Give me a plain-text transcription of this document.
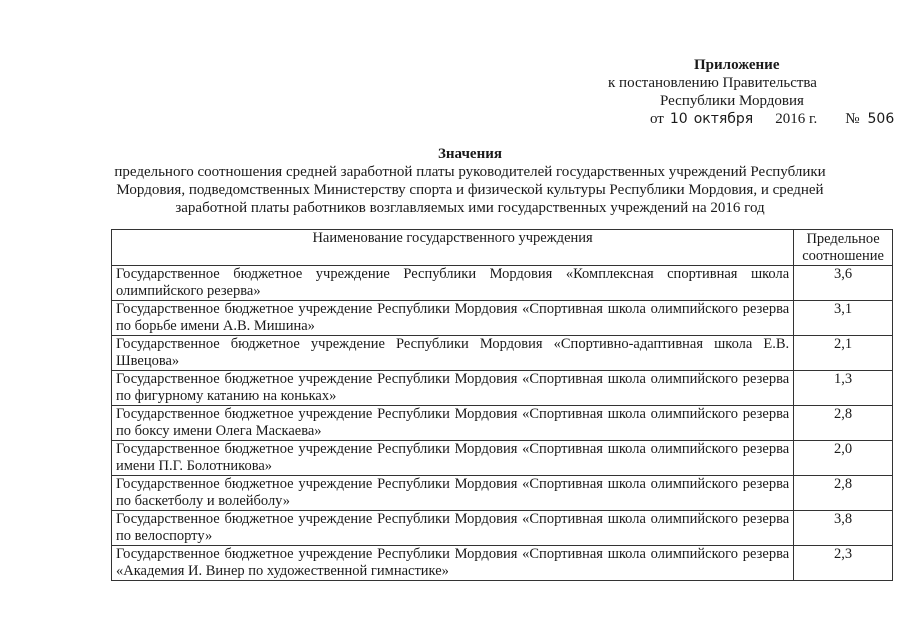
Приложение
к постановлению Правительства
Республики Мордовия
от 10 октября 2016 г. № 506
Значения
предельного соотношения средней заработной платы руководителей государственных учреждений Республики Мордовия, подведомственных Министерству спорта и физической культуры Республики Мордовия, и средней заработной платы работников возглавляемых ими государственных учреждений на 2016 год
Наименование государственного учреждения	Предельное соотношение
Государственное бюджетное учреждение Республики Мордовия «Комплексная спортивная школа олимпийского резерва»	3,6
Государственное бюджетное учреждение Республики Мордовия «Спортивная школа олимпийского резерва по борьбе имени А.В. Мишина»	3,1
Государственное бюджетное учреждение Республики Мордовия «Спортивно-адаптивная школа Е.В. Швецова»	2,1
Государственное бюджетное учреждение Республики Мордовия «Спортивная школа олимпийского резерва по фигурному катанию на коньках»	1,3
Государственное бюджетное учреждение Республики Мордовия «Спортивная школа олимпийского резерва по боксу имени Олега Маскаева»	2,8
Государственное бюджетное учреждение Республики Мордовия «Спортивная школа олимпийского резерва имени П.Г. Болотникова»	2,0
Государственное бюджетное учреждение Республики Мордовия «Спортивная школа олимпийского резерва по баскетболу и волейболу»	2,8
Государственное бюджетное учреждение Республики Мордовия «Спортивная школа олимпийского резерва по велоспорту»	3,8
Государственное бюджетное учреждение Республики Мордовия «Спортивная школа олимпийского резерва «Академия И. Винер по художественной гимнастике»	2,3
